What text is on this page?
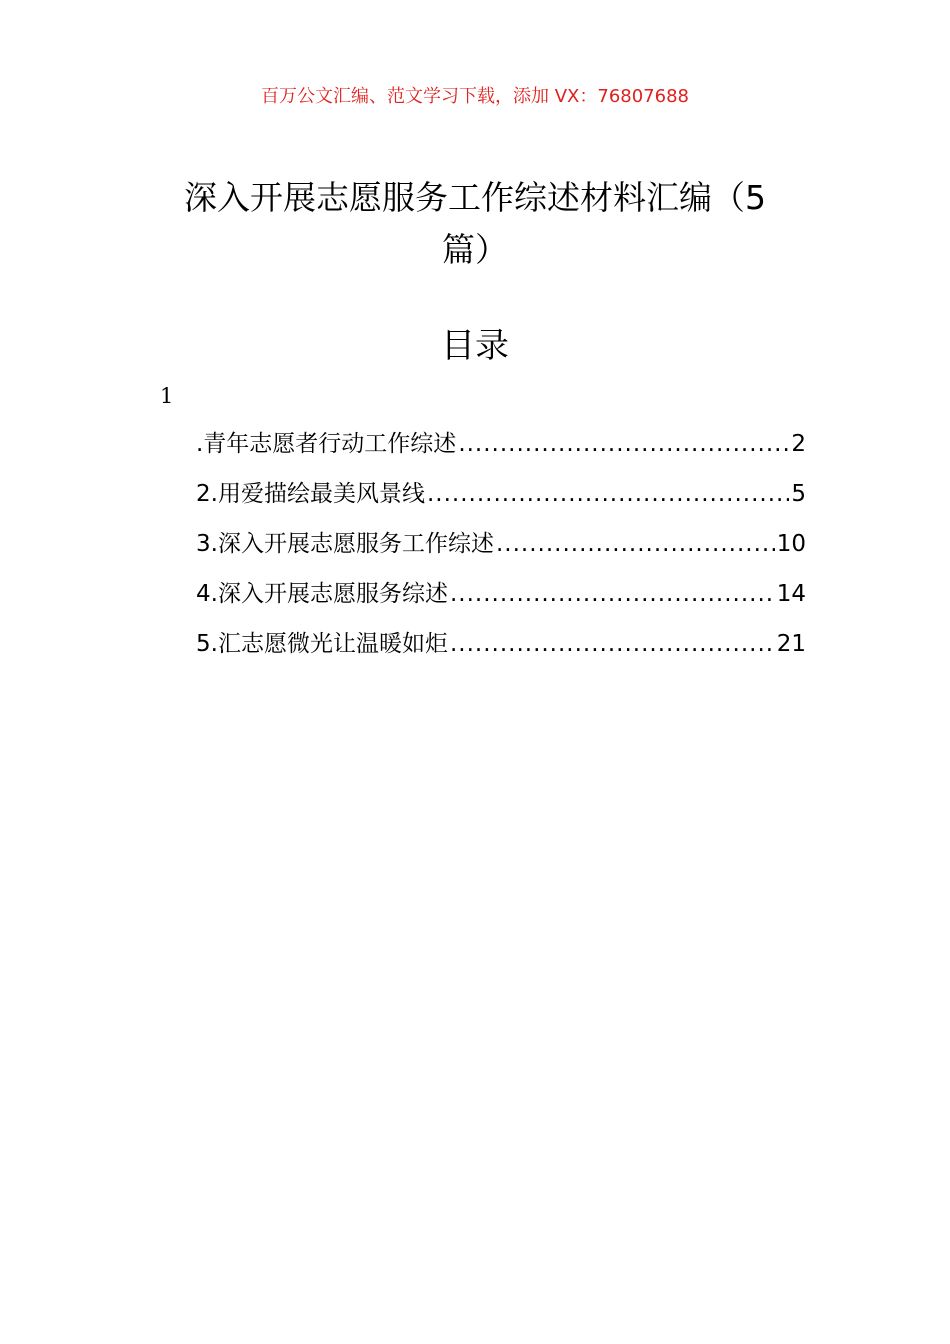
百万公文汇编、范文学习下载，添加 VX：76807688
深入开展志愿服务工作综述材料汇编（5
篇）
目录
1
.青年志愿者行动工作综述 .....	2
2.用爱描绘最美风景线 .....	5
3.深入开展志愿服务工作综述 .....	10
4.深入开展志愿服务综述 .....	14
5.汇志愿微光让温暖如炬 .....	21
